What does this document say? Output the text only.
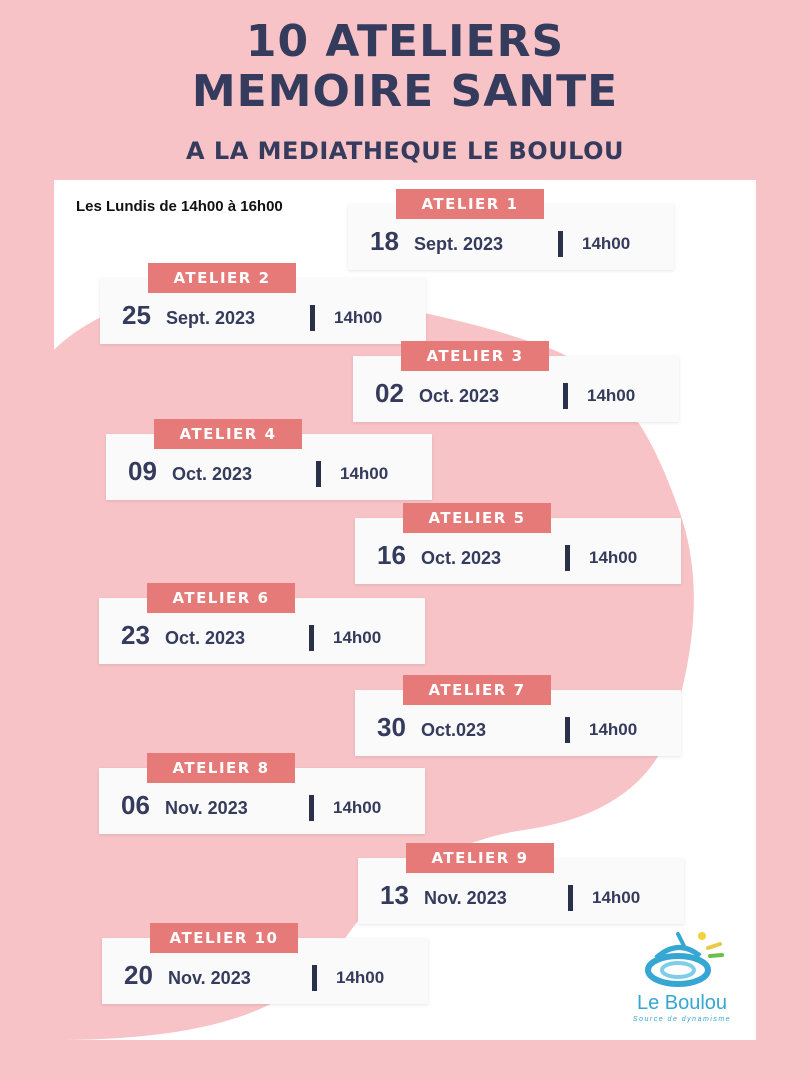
10 ATELIERS
MEMOIRE SANTE
A LA MEDIATHEQUE LE BOULOU
Les Lundis de 14h00 à 16h00	ATELIER 1
18 Sept. 2023	14h00
ATELIER 2
25 Sept. 2023	14h00
ATELIER 3
02 Oct. 2023	14h00
ATELIER 4
09 Oct. 2023	14h00
ATELIER 5
16 Oct. 2023	14h00
ATELIER 6
23 Oct. 2023	14h00
ATELIER 7
30 Oct.023	14h00
ATELIER 8
06 Nov. 2023	14h00
ATELIER 9
13 Nov. 2023	14h00
ATELIER 10
20 Nov. 2023	14h00
Le Boulou
Source de dynamisme
